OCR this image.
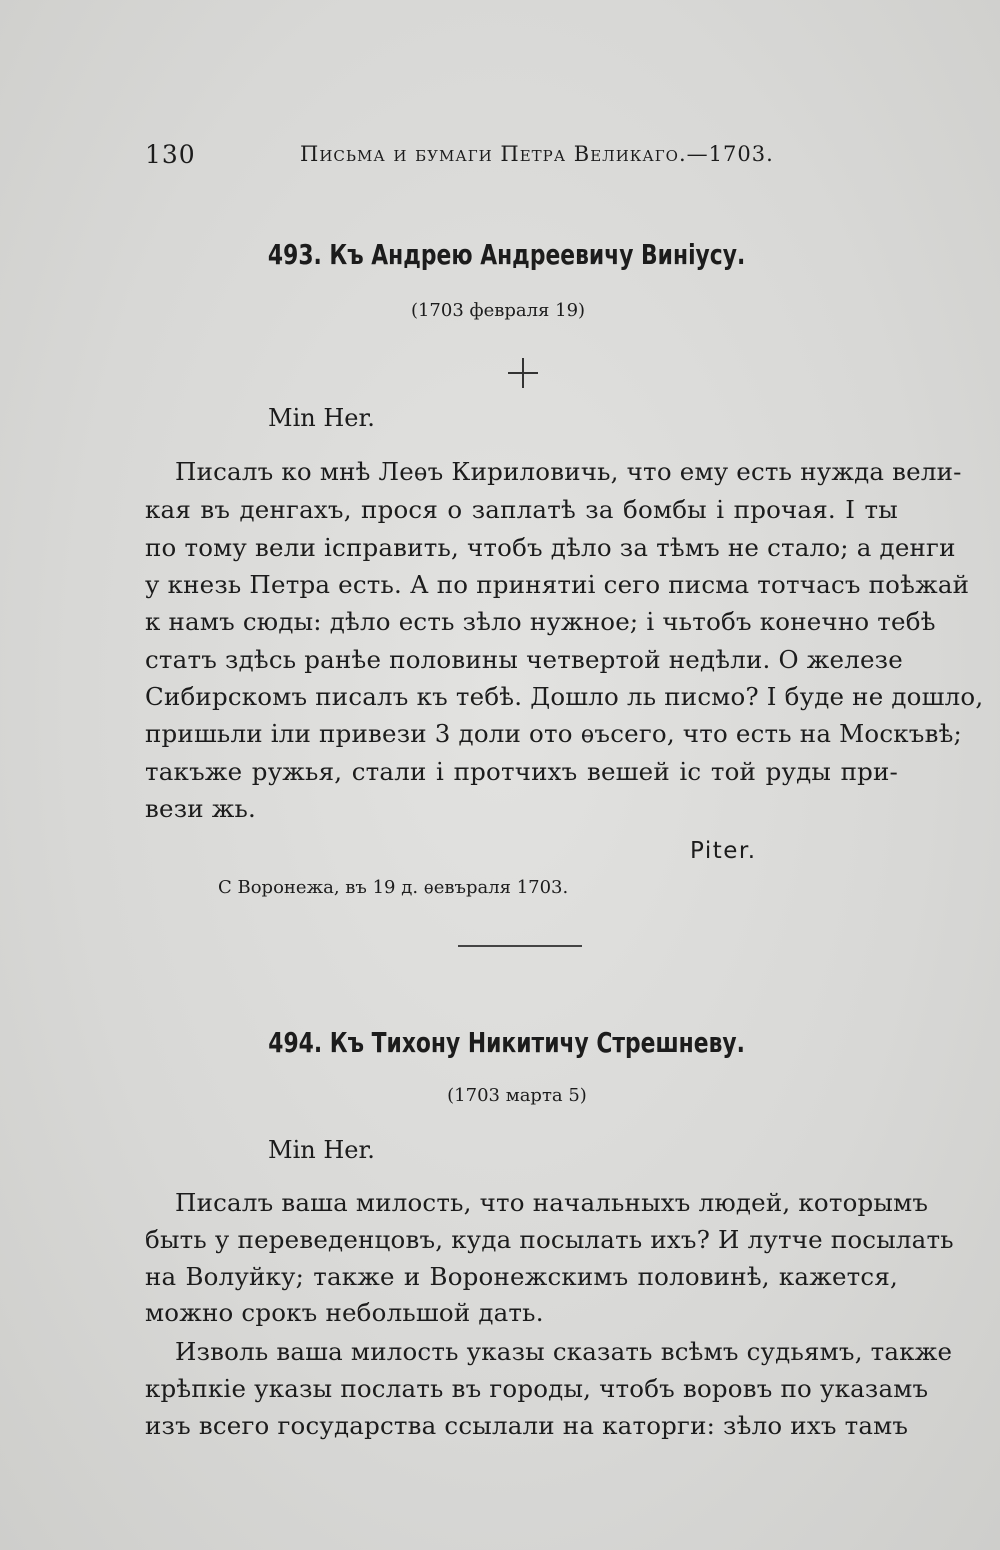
130	Письма и бумаги Петра Великаго.—1703.
493. Къ Андрею Андреевичу Виніусу.
(1703 февраля 19)
Min Her.
Писалъ ко мнѣ Леѳъ Кириловичь, что ему есть нужда вели-
кая въ денгахъ, прося о заплатѣ за бомбы і прочая. І ты
по тому вели ісправить, чтобъ дѣло за тѣмъ не стало; а денги
у кнезь Петра есть. А по принятиі сего писма тотчасъ поѣжай
к намъ сюды: дѣло есть зѣло нужное; і чьтобъ конечно тебѣ
статъ здѣсь ранѣе половины четвертой недѣли. О железе
Сибирскомъ писалъ къ тебѣ. Дошло ль писмо? І буде не дошло,
пришьли іли привези 3 доли ото ѳъсего, что есть на Москъвѣ;
такъже ружья, стали і протчихъ вешей іс той руды при-
вези жь.
Piter.
С Воронежа, въ 19 д. ѳевъраля 1703.
494. Къ Тихону Никитичу Стрешневу.
(1703 марта 5)
Min Her.
Писалъ ваша милость, что начальныхъ людей, которымъ
быть у переведенцовъ, куда посылать ихъ? И лутче посылать
на Волуйку; также и Воронежскимъ половинѣ, кажется,
можно срокъ небольшой дать.
Изволь ваша милость указы сказать всѣмъ судьямъ, также
крѣпкіе указы послать въ городы, чтобъ воровъ по указамъ
изъ всего государства ссылали на каторги: зѣло ихъ тамъ
